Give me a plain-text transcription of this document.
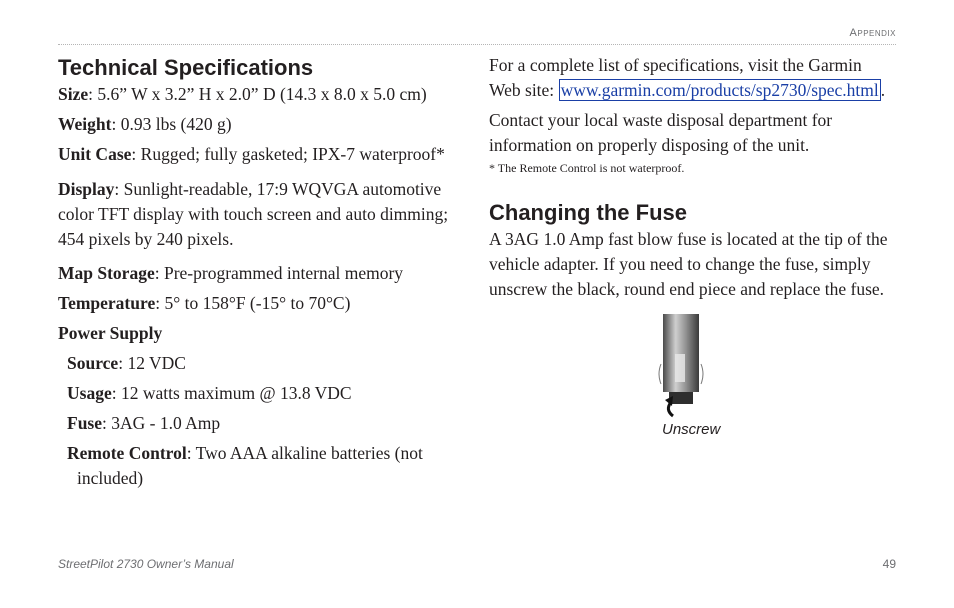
Appendix
Technical Specifications

Size: 5.6” W x 3.2” H x 2.0” D (14.3 x 8.0 x 5.0 cm)

Weight: 0.93 lbs (420 g)

Unit Case: Rugged; fully gasketed; IPX-7 waterproof*

Display: Sunlight-readable, 17:9 WQVGA automotive
color TFT display with touch screen and auto dimming;
454 pixels by 240 pixels.

Map Storage: Pre-programmed internal memory

Temperature: 5° to 158°F (-15° to 70°C)

Power Supply

Source: 12 VDC

Usage: 12 watts maximum @ 13.8 VDC

Fuse: 3AG - 1.0 Amp

Remote Control: Two AAA alkaline batteries (not
included)

For a complete list of specifications, visit the Garmin
Web site: www.garmin.com/products/sp2730/spec.html .

Contact your local waste disposal department for
information on properly disposing of the unit.

* The Remote Control is not waterproof.

Changing the Fuse

A 3AG 1.0 Amp fast blow fuse is located at the tip of the
vehicle adapter. If you need to change the fuse, simply
unscrew the black, round end piece and replace the fuse.

Unscrew
StreetPilot 2730 Owner’s Manual	49
